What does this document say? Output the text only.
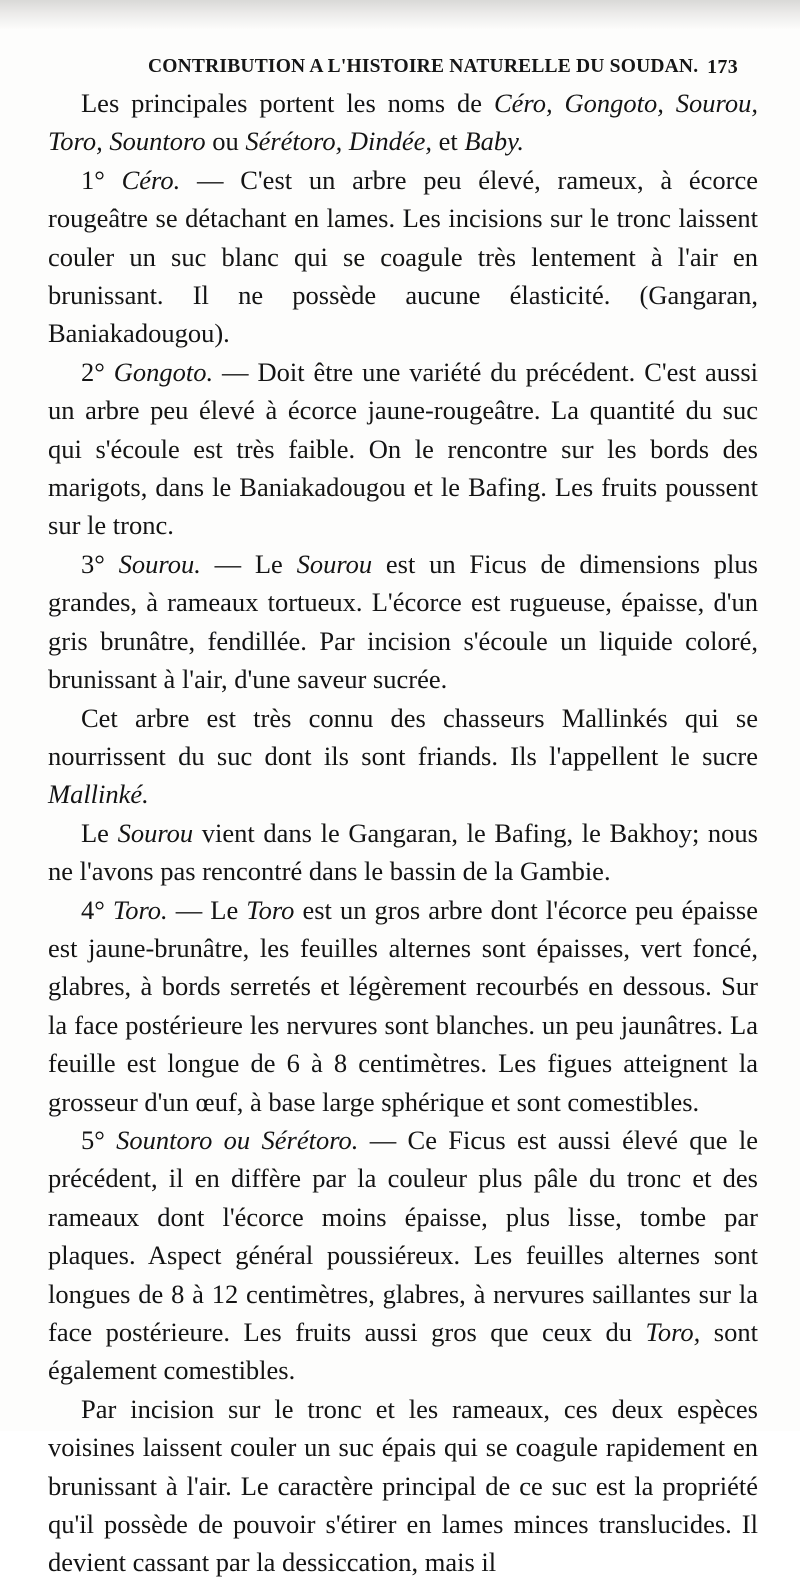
CONTRIBUTION A L'HISTOIRE NATURELLE DU SOUDAN. 173

Les principales portent les noms de Céro, Gongoto, Sourou, Toro, Sountoro ou Sérétoro, Dindée, et Baby.

1° Céro. — C'est un arbre peu élevé, rameux, à écorce rougeâtre se détachant en lames. Les incisions sur le tronc laissent couler un suc blanc qui se coagule très lentement à l'air en brunissant. Il ne possède aucune élasticité. (Gangaran, Baniakadougou).

2° Gongoto. — Doit être une variété du précédent. C'est aussi un arbre peu élevé à écorce jaune-rougeâtre. La quantité du suc qui s'écoule est très faible. On le rencontre sur les bords des marigots, dans le Baniakadougou et le Bafing. Les fruits poussent sur le tronc.

3° Sourou. — Le Sourou est un Ficus de dimensions plus grandes, à rameaux tortueux. L'écorce est rugueuse, épaisse, d'un gris brunâtre, fendillée. Par incision s'écoule un liquide coloré, brunissant à l'air, d'une saveur sucrée.

Cet arbre est très connu des chasseurs Mallinkés qui se nourrissent du suc dont ils sont friands. Ils l'appellent le sucre Mallinké.

Le Sourou vient dans le Gangaran, le Bafing, le Bakhoy; nous ne l'avons pas rencontré dans le bassin de la Gambie.

4° Toro. — Le Toro est un gros arbre dont l'écorce peu épaisse est jaune-brunâtre, les feuilles alternes sont épaisses, vert foncé, glabres, à bords serretés et légèrement recourbés en dessous. Sur la face postérieure les nervures sont blanches. un peu jaunâtres. La feuille est longue de 6 à 8 centimètres. Les figues atteignent la grosseur d'un œuf, à base large sphérique et sont comestibles.

5° Sountoro ou Sérétoro. — Ce Ficus est aussi élevé que le précédent, il en diffère par la couleur plus pâle du tronc et des rameaux dont l'écorce moins épaisse, plus lisse, tombe par plaques. Aspect général poussiéreux. Les feuilles alternes sont longues de 8 à 12 centimètres, glabres, à nervures saillantes sur la face postérieure. Les fruits aussi gros que ceux du Toro, sont également comestibles.

Par incision sur le tronc et les rameaux, ces deux espèces voisines laissent couler un suc épais qui se coagule rapidement en brunissant à l'air. Le caractère principal de ce suc est la propriété qu'il possède de pouvoir s'étirer en lames minces translucides. Il devient cassant par la dessiccation, mais il
